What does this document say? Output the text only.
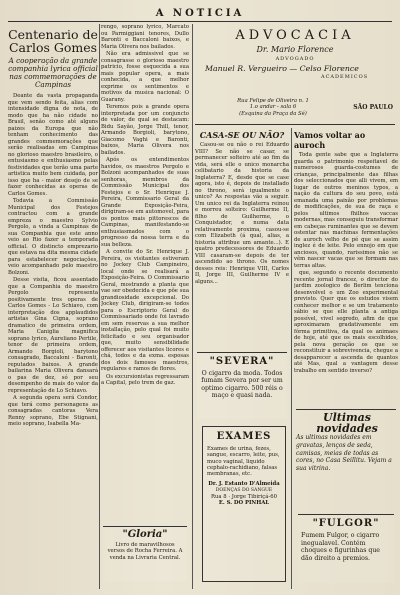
A NOTICIA
Centenario de Carlos Gomes
A cooperação da grande companhia lyrica official nas commemorações de Campinas

Deante da vasta propaganda que vem sendo feita, alias com intensidade digna de nota, de modo que ha não cidade no Brasil, senão como até alguns paizes da Europa que não tenham conhecimento das grandes commemorações que serão realisadas em Campinas no glorioso maestro brasileiro, o entusiasmo e enthusiasmo pelas festividades que terão uma parte artistica muito bem cuidada, por isso que ha - maior desejo de se fazer conhecidas as operas de Carlos Gomes.

Todavia a Commissão Municipal dos Festejos contractou com a grande empreza o maestro Sylvio Pergolo, a vinda a Campinas de sua Companhia que este anno veio ao Rio fazer a temporada official. O distincto emprezario que estava na dita mesma cidade para estabelecer negociações, veio acompanhado pelo maestro Bolzoni.

Desse visita, ficou assentado que a Companhia do maestro Pergolo representa positivamente tres operas de Carlos Gomes - Lo Schiavo, com interpretação dos applaudidos artistas Gina Cigna, soprano dramatico de primeira ordem, Maria Caniglia magnifica soprano lyrico, Aureliano Pertile, tenor de primeira ordem, Armando Borgioli, barytono consagrado, Baccaloni - Baronti, reputados baixos. A grande bailarina Maria Olivera dansará o pas de dez, só por seu desempenho de mais do valor da representação de Lo Schiavo.

A segunda opera será Condor, que terá como personagens as consagradas cantoras Vera Renny soprano, Ebe Stignani, meio soprano, Isabella Ma-

rengo, soprano lyrico, Marcato ou Parmiggiani tenores, Dullo Baronti e Baccaloni baixos, e Maria Olivera nos bailados.

Não era admissivel que se consagrasse o glorioso maestro patricio, fosse esquecida a sua mais popular opera, a mais conhecida, a que melhor exprime os sentimentos e motivos da musica nacional: O Guarany.

Teremos pois a grande opera interpretada por um conjuncto de valor, de qual se destacam: Bidu Sayão, Jorge Thill, tenor, Armando Borgioli, barytono, Giacomo Vaghi e Baronti, baixos, Maria Olivera nos bailados.

Após os entendimentos havidos, os maestros Pergolo e Bolzoni acompanhados de suas senhoras, membros da Commissão Municipal dos Festejos e o Sr. Henrique J. Pereira, Commissario Geral da Grande Exposição-Feira, dirigiram-se em automovel, para os pontos mais pittorescos de Campinas, manifestando-se enthusiasmados com o progresso da nossa terra e da sua belleza.

A convite do Sr. Henrique J. Pereira, os visitantes estiveram no Jockey Club Campineiro, local onde se realisará a Exposição-Feira. O Commissario Geral, mostrando a planta que vae ser obedecida e que põe sua grandiosidade excepcional. Do Jockey Club, dirigiram-se todos para o Escriptorio Geral do Commissariado onde foi lavrado em sem reservas a sua melhor installação, pelo qual foi muito felicitado e seu organisador que, muito sensibilidade offerecer aos visitantes licores e chá, todos e da exma. esposas dos dois famosos maestros, regulares e ramos de flores.

Os excursionistas regressaram a Capital, pelo trem de gaz.

"Gloria"
Livro de maravilhosos versos de Rocha Ferreira. A venda na Livraria Central.
ADVOCACIA
Dr. Mario Florence
ADVOGADO
Manuel R. Vergueiro — Celso Florence
ACADEMICOS
Rua Felipe de Oliveira n. 1
1.o andar - sala 6
(Esquina da Praça da Sé)
SÃO PAULO
CASA-SE OU NÃO?

Casou-se ou não o rei Eduardo VIII? Se não se casar, se permanecer solteiro até ao fim da vida, será elle o unico monarcha celibatario da historia da Inglaterra? E, desde que se case agora, isto é, depois de installado no throno, será igualmente o unico? As respostas vão a seguir. Um unico rei da Inglaterra reinou e morreu solteiro: Guilherme II, filho de Guilherme, o Conquistador, e numa data relativamente proxima, casou-se com Elizabeth (á qual, alias, a historia attribue um amante...). E quatro predecessores de Eduardo VIII casaram-se depois de ter ascendido ao throno. Os nomes desses reis: Henrique VIII, Carlos II, Jorge III, Guilherme IV e alguns...

"SEVERA"
O cigarro da moda. Todos fumam Severa por ser um optimo cigarro. 500 réis o maço e quasi nada.
EXAMES
Exames de urina, fezes, sangue, escarro, leite, pus, muco vaginal, liquido cephalo-rachidiano, falsas membranas, etc.
Dr. J. Estanto D'Almeida
DOENÇAS DO SANGUE
Rua 8 · Jorge Tibiriçá-60
E. S. DO PINHAL
Vamos voltar ao auroch

Toda gente sabe que a Inglaterra guarda o patrimonio respeitavel de numerosos guarda-costumes de crianças, principalmente das filhas dos seleccionados que alli vivem, em lugar de outros meninos typos, a nação da cultura do seu povo, está emanada uma paixão por problemas de modificações, de sua de raça e pelos ultimos fhilhos vaccas modernas, mas conseguiu transformar em cabeças ruminantes que se devem ostentar nas machinas fermentações de auroch velho de pé que se assim inglez é de leite. Pelo ennojo em que anciosos, quando, rarissimos não se vêm nascer vacas que se formam nas terras altas.

que, segundo o recente documento recente jornal francez, o director do jardim zoologico de Berlim tenciona desenvolvel o um Zoo experimental previsto. Quer que os estudos visem conhecer melhor e se um tratamento sábio se que elle planta a antiga possível, vivel segredo, afim de que aproximaram gradativamente em fórma primitiva, da qual os animaes de hoje, até que os mais escolhidos, pela nova geração os que se reconstituir a sobrevivencia, chegue a desapparecer a ascenda de quantos até Mas, qual a vantagem desse trabalho em sentido inverso?

Ultimas novidades
As ultimas novidades em gravatas, lenços de seda, camisas, meias de todas as cores, no Casa Seillitu. Vejam a sua vitrina.
"FULGOR"
Fumem Fulgor, o cigarro inegualavel. Contém choques e figurinhas que dão direito a premios.
